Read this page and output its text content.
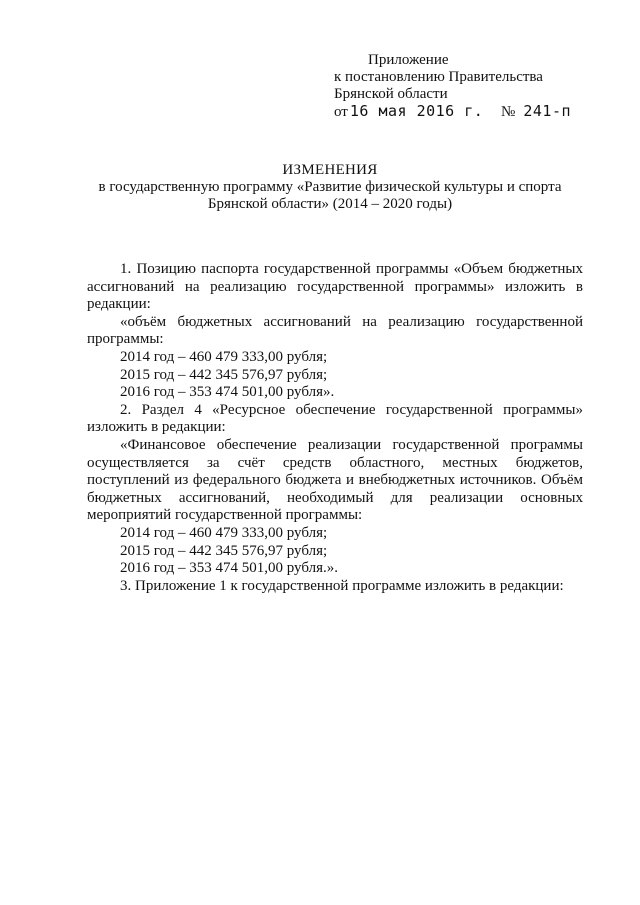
Приложение
к постановлению Правительства
Брянской области
от 16 мая 2016 г. № 241-п
ИЗМЕНЕНИЯ
в государственную программу «Развитие физической культуры и спорта
Брянской области» (2014 – 2020 годы)

1. Позицию паспорта государственной программы «Объем бюджетных ассигнований на реализацию государственной программы» изложить в редакции:

«объём бюджетных ассигнований на реализацию государственной программы:

2014 год – 460 479 333,00 рубля;

2015 год – 442 345 576,97 рубля;

2016 год – 353 474 501,00 рубля».

2. Раздел 4 «Ресурсное обеспечение государственной программы» изложить в редакции:

«Финансовое обеспечение реализации государственной программы осуществляется за счёт средств областного, местных бюджетов, поступлений из федерального бюджета и внебюджетных источников. Объём бюджетных ассигнований, необходимый для реализации основных мероприятий государственной программы:

2014 год – 460 479 333,00 рубля;

2015 год – 442 345 576,97 рубля;

2016 год – 353 474 501,00 рубля.».

3. Приложение 1 к государственной программе изложить в редакции:
